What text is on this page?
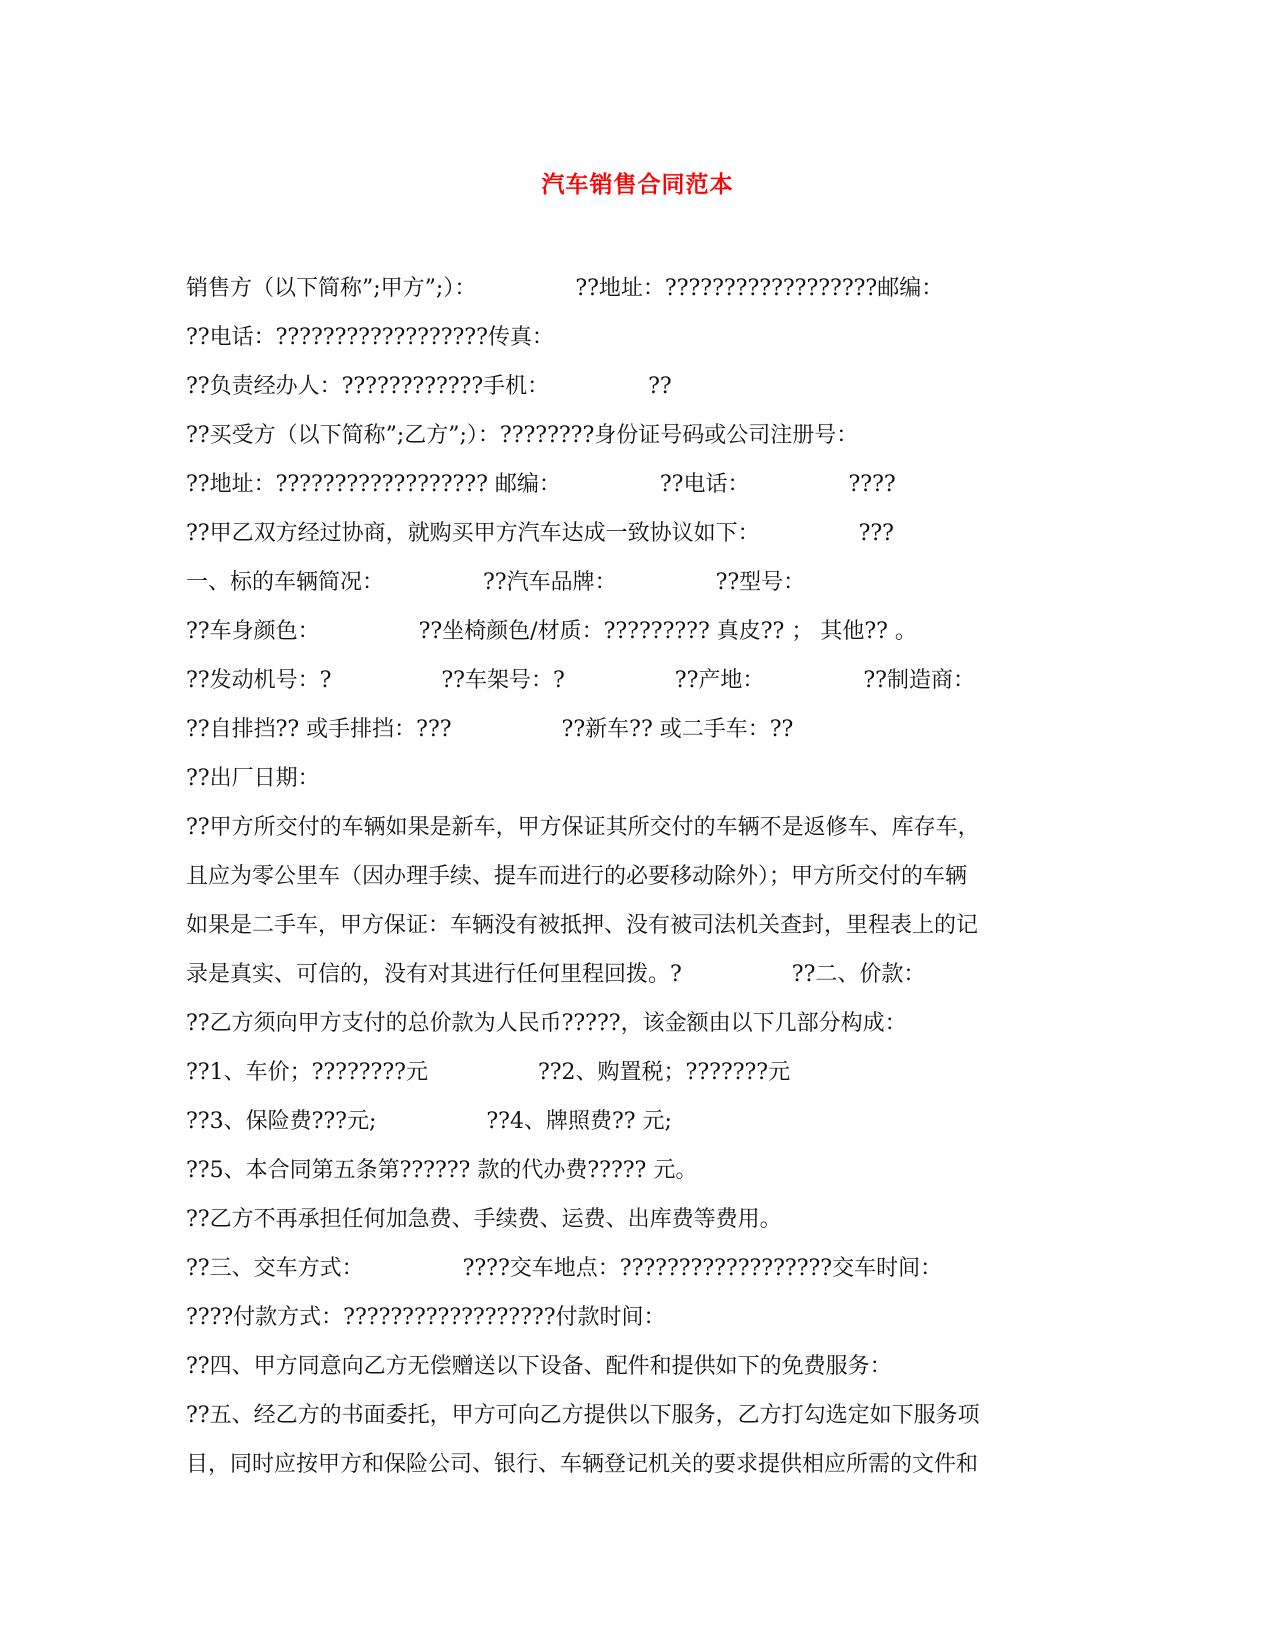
汽车销售合同范本
销售方（以下简称”;甲方”;）：　　　　　??地址：??????????????????邮编：
??电话：??????????????????传真：
??负责经办人：????????????手机：　　　　　??
??买受方（以下简称”;乙方”;）：????????身份证号码或公司注册号：
??地址：?????????????????? 邮编：　　　　　??电话：　　　　　????
??甲乙双方经过协商，就购买甲方汽车达成一致协议如下：　　　　　???
一、标的车辆简况：　　　　　??汽车品牌：　　　　　??型号：
??车身颜色：　　　　　??坐椅颜色/材质：????????? 真皮?? ； 其他?? 。
??发动机号：?　　　　　??车架号：?　　　　　??产地：　　　　　??制造商：
??自排挡?? 或手排挡：???　　　　　??新车?? 或二手车：??
??出厂日期：
??甲方所交付的车辆如果是新车，甲方保证其所交付的车辆不是返修车、库存车，
且应为零公里车（因办理手续、提车而进行的必要移动除外）；甲方所交付的车辆
如果是二手车，甲方保证：车辆没有被抵押、没有被司法机关查封，里程表上的记
录是真实、可信的，没有对其进行任何里程回拨。?　　　　　??二、价款：
??乙方须向甲方支付的总价款为人民币?????，该金额由以下几部分构成：
??1、车价；????????元　　　　　??2、购置税；???????元
??3、保险费???元;　　　　　??4、牌照费?? 元;
??5、本合同第五条第?????? 款的代办费????? 元。
??乙方不再承担任何加急费、手续费、运费、出库费等费用。
??三、交车方式：　　　　　????交车地点：??????????????????交车时间：
????付款方式：??????????????????付款时间：
??四、甲方同意向乙方无偿赠送以下设备、配件和提供如下的免费服务：
??五、经乙方的书面委托，甲方可向乙方提供以下服务，乙方打勾选定如下服务项
目，同时应按甲方和保险公司、银行、车辆登记机关的要求提供相应所需的文件和
